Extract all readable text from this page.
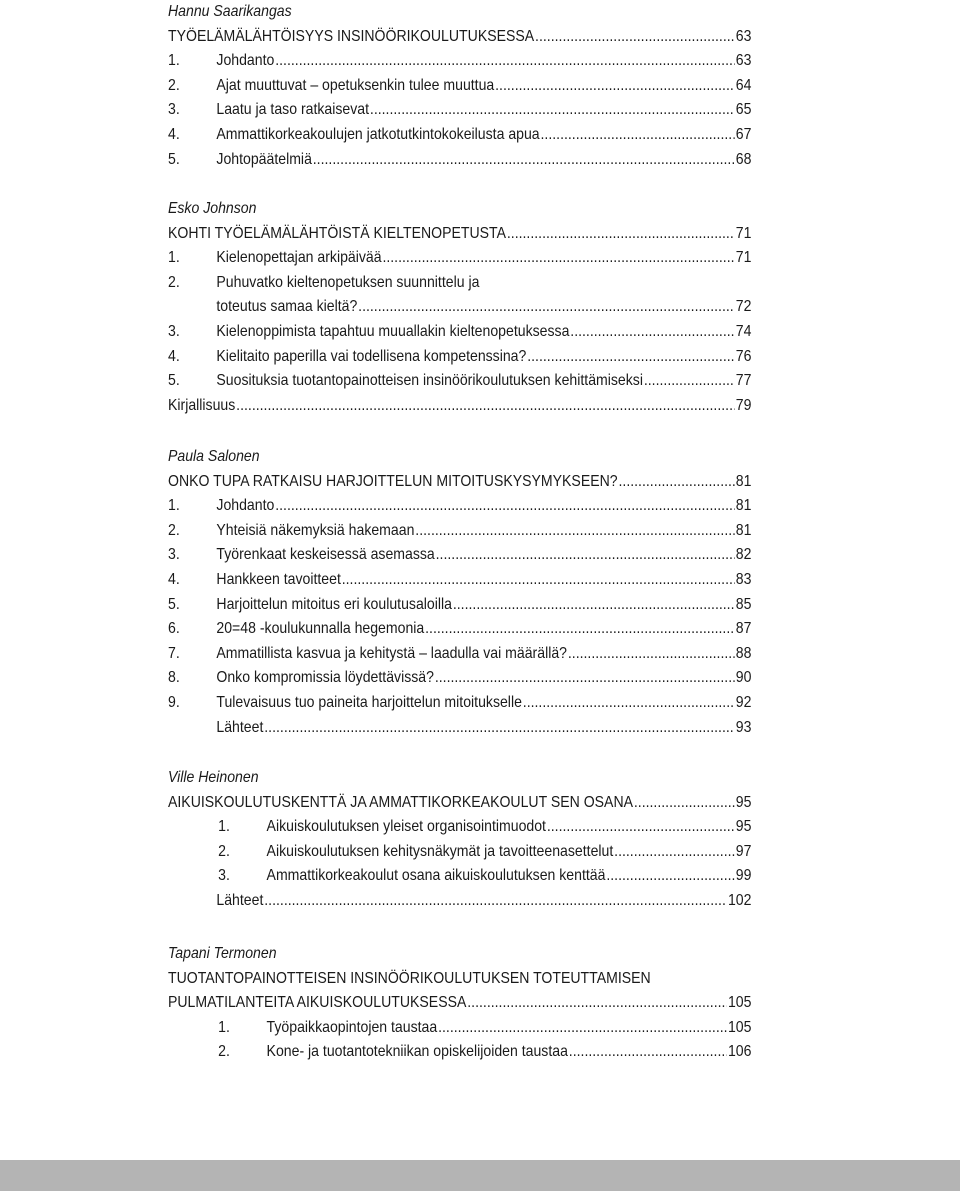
Hannu Saarikangas
TYÖELÄMÄLÄHTÖISYYS INSINÖÖRIKOULUTUKSESSA .....	63
1.	Johdanto .....	63
2.	Ajat muuttuvat – opetuksenkin tulee muuttua .....	64
3.	Laatu ja taso ratkaisevat .....	65
4.	Ammattikorkeakoulujen jatkotutkintokokeilusta apua .....	67
5.	Johtopäätelmiä .....	68
Esko Johnson
KOHTI TYÖELÄMÄLÄHTÖISTÄ KIELTENOPETUSTA .....	71
1.	Kielenopettajan arkipäivää .....	71
2.	Puhuvatko kieltenopetuksen suunnittelu ja
toteutus samaa kieltä? .....	72
3.	Kielenoppimista tapahtuu muuallakin kieltenopetuksessa .....	74
4.	Kielitaito paperilla vai todellisena kompetenssina? .....	76
5.	Suosituksia tuotantopainotteisen insinöörikoulutuksen kehittämiseksi .....	77
Kirjallisuus .....	79
Paula Salonen
ONKO TUPA RATKAISU HARJOITTELUN MITOITUSKYSYMYKSEEN? .....	81
1.	Johdanto .....	81
2.	Yhteisiä näkemyksiä hakemaan .....	81
3.	Työrenkaat keskeisessä asemassa .....	82
4.	Hankkeen tavoitteet .....	83
5.	Harjoittelun mitoitus eri koulutusaloilla .....	85
6.	20=48 -koulukunnalla hegemonia .....	87
7.	Ammatillista kasvua ja kehitystä – laadulla vai määrällä? .....	88
8.	Onko kompromissia löydettävissä? .....	90
9.	Tulevaisuus tuo paineita harjoittelun mitoitukselle .....	92
Lähteet .....	93
Ville Heinonen
AIKUISKOULUTUSKENTTÄ JA AMMATTIKORKEAKOULUT SEN OSANA .....	95
1.	Aikuiskoulutuksen yleiset organisointimuodot .....	95
2.	Aikuiskoulutuksen kehitysnäkymät ja tavoitteenasettelut .....	97
3.	Ammattikorkeakoulut osana aikuiskoulutuksen kenttää .....	99
Lähteet .....	102
Tapani Termonen
TUOTANTOPAINOTTEISEN INSINÖÖRIKOULUTUKSEN TOTEUTTAMISEN
PULMATILANTEITA AIKUISKOULUTUKSESSA .....	105
1.	Työpaikkaopintojen taustaa .....	105
2.	Kone- ja tuotantotekniikan opiskelijoiden taustaa .....	106
